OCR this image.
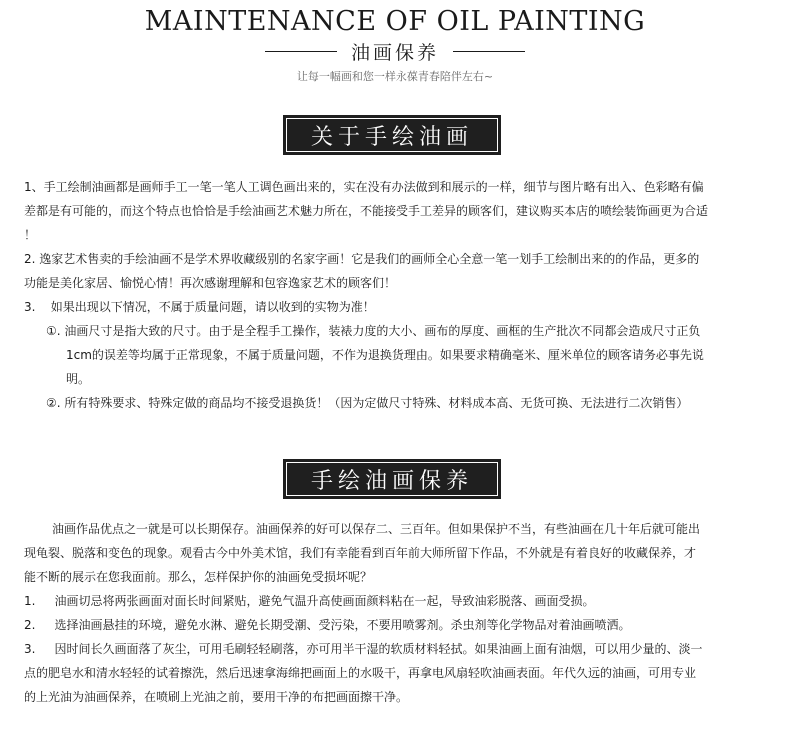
MAINTENANCE OF OIL PAINTING
油画保养
让每一幅画和您一样永葆青春陪伴左右~
关于手绘油画

1、手工绘制油画都是画师手工一笔一笔人工调色画出来的，实在没有办法做到和展示的一样，细节与图片略有出入、色彩略有偏

差都是有可能的，而这个特点也恰恰是手绘油画艺术魅力所在，不能接受手工差异的顾客们，建议购买本店的喷绘装饰画更为合适

！

2. 逸家艺术售卖的手绘油画不是学术界收藏级别的名家字画！它是我们的画师全心全意一笔一划手工绘制出来的的作品，更多的

功能是美化家居、愉悦心情！再次感谢理解和包容逸家艺术的顾客们！

3.    如果出现以下情况，不属于质量问题，请以收到的实物为准！

①. 油画尺寸是指大致的尺寸。由于是全程手工操作，装裱力度的大小、画布的厚度、画框的生产批次不同都会造成尺寸正负

1cm的误差等均属于正常现象，不属于质量问题，不作为退换货理由。如果要求精确毫米、厘米单位的顾客请务必事先说

明。

②. 所有特殊要求、特殊定做的商品均不接受退换货！（因为定做尺寸特殊、材料成本高、无货可换、无法进行二次销售）

手绘油画保养

油画作品优点之一就是可以长期保存。油画保养的好可以保存二、三百年。但如果保护不当，有些油画在几十年后就可能出

现龟裂、脱落和变色的现象。观看古今中外美术馆，我们有幸能看到百年前大师所留下作品，不外就是有着良好的收藏保养，才

能不断的展示在您我面前。那么，怎样保护你的油画免受损坏呢？

1.     油画切忌将两张画面对面长时间紧贴，避免气温升高使画面颜料粘在一起，导致油彩脱落、画面受损。

2.     选择油画悬挂的环境，避免水淋、避免长期受潮、受污染，不要用喷雾剂。杀虫剂等化学物品对着油画喷洒。

3.     因时间长久画面落了灰尘，可用毛刷轻轻刷落，亦可用半干湿的软质材料轻拭。如果油画上面有油烟，可以用少量的、淡一

点的肥皂水和清水轻轻的试着擦洗，然后迅速拿海绵把画面上的水吸干，再拿电风扇轻吹油画表面。年代久远的油画，可用专业

的上光油为油画保养，在喷刷上光油之前，要用干净的布把画面擦干净。
